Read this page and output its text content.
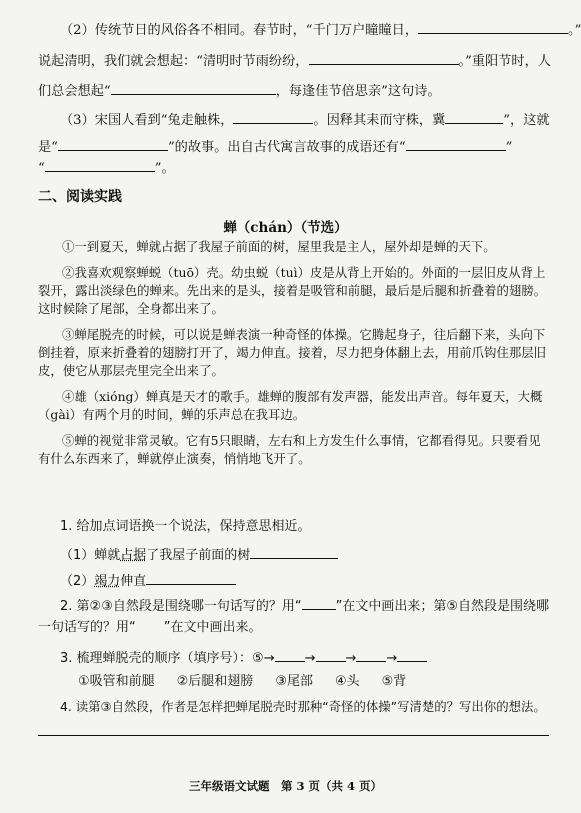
（2）传统节日的风俗各不相同。春节时，“千门万户瞳瞳日，	。”
说起清明，我们就会想起：“清明时节雨纷纷，	。”重阳节时，人
们总会想起“	，每逢佳节倍思亲”这句诗。
（3）宋国人看到“兔走触株，	。因释其耒而守株，冀	”，这就
是“	”的故事。出自古代寓言故事的成语还有“	”
“	”。
二、阅读实践
蝉（chán）（节选）

①一到夏天，蝉就占据了我屋子前面的树，屋里我是主人，屋外却是蝉的天下。

②我喜欢观察蝉蜕（tuō）壳。幼虫蜕（tuì）皮是从背上开始的。外面的一层旧皮从背上裂开，露出淡绿色的蝉来。先出来的是头，接着是吸管和前腿，最后是后腿和折叠着的翅膀。这时候除了尾部，全身都出来了。

③蝉尾脱壳的时候，可以说是蝉表演一种奇怪的体操。它腾起身子，往后翻下来，头向下倒挂着，原来折叠着的翅膀打开了，竭力伸直。接着，尽力把身体翻上去，用前爪钩住那层旧皮，使它从那层壳里完全出来了。

④雄（xióng）蝉真是天才的歌手。雄蝉的腹部有发声器，能发出声音。每年夏天，大概（gài）有两个月的时间，蝉的乐声总在我耳边。

⑤蝉的视觉非常灵敏。它有5只眼睛，左右和上方发生什么事情，它都看得见。只要看见有什么东西来了，蝉就停止演奏，悄悄地飞开了。

1. 给加点词语换一个说法，保持意思相近。
（1）蝉就占据了我屋子前面的树
（2）竭力伸直
2. 第②③自然段是围绕哪一句话写的？用“	”在文中画出来；第⑤自然段是围绕哪
一句话写的？用“ ”在文中画出来。
3. 梳理蝉脱壳的顺序（填序号）：⑤→ → → →
①吸管和前腿 ②后腿和翅膀 ③尾部 ④头 ⑤背
4. 读第③自然段，作者是怎样把蝉尾脱壳时那种“奇怪的体操”写清楚的？写出你的想法。
三年级语文试题　第 3 页（共 4 页）
